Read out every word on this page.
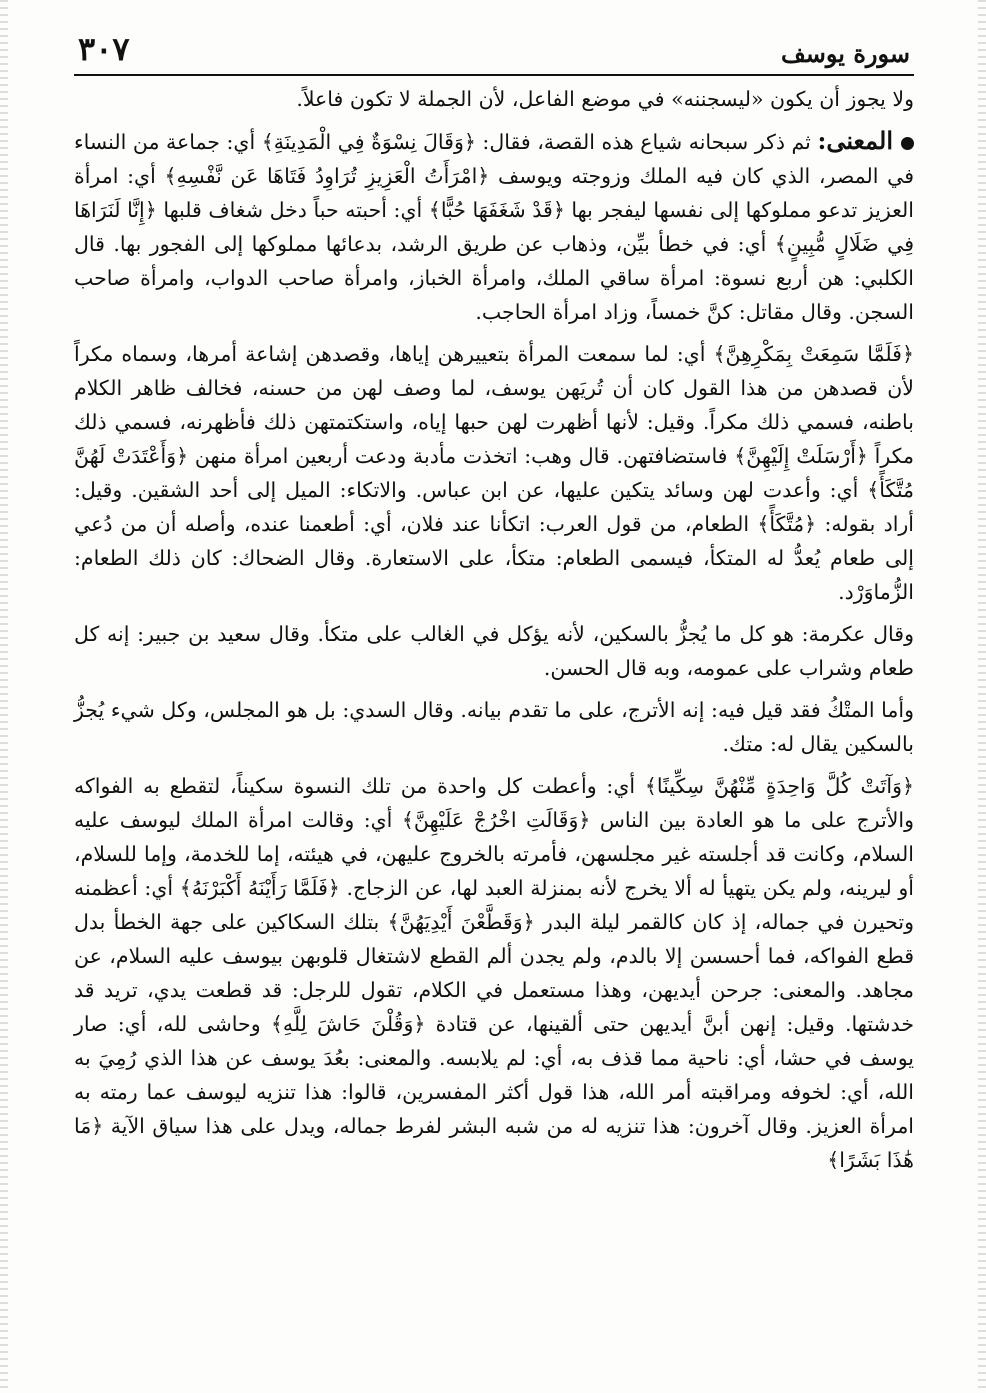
سورة يوسف
٣٠٧

ولا يجوز أن يكون «ليسجننه» في موضع الفاعل، لأن الجملة لا تكون فاعلاً.

المعنى: ثم ذكر سبحانه شياع هذه القصة، فقال: ﴿وَقَالَ نِسْوَةٌ فِي الْمَدِينَةِ﴾ أي: جماعة من النساء في المصر، الذي كان فيه الملك وزوجته ويوسف ﴿امْرَأَتُ الْعَزِيزِ تُرَاوِدُ فَتَاهَا عَن نَّفْسِهِ﴾ أي: امرأة العزيز تدعو مملوكها إلى نفسها ليفجر بها ﴿قَدْ شَغَفَهَا حُبًّا﴾ أي: أحبته حباً دخل شغاف قلبها ﴿إِنَّا لَنَرَاهَا فِي ضَلَالٍ مُّبِينٍ﴾ أي: في خطأ بيِّن، وذهاب عن طريق الرشد، بدعائها مملوكها إلى الفجور بها. قال الكلبي: هن أربع نسوة: امرأة ساقي الملك، وامرأة الخباز، وامرأة صاحب الدواب، وامرأة صاحب السجن. وقال مقاتل: كنَّ خمساً، وزاد امرأة الحاجب.

﴿فَلَمَّا سَمِعَتْ بِمَكْرِهِنَّ﴾ أي: لما سمعت المرأة بتعييرهن إياها، وقصدهن إشاعة أمرها، وسماه مكراً لأن قصدهن من هذا القول كان أن تُريَهن يوسف، لما وصف لهن من حسنه، فخالف ظاهر الكلام باطنه، فسمي ذلك مكراً. وقيل: لأنها أظهرت لهن حبها إياه، واستكتمتهن ذلك فأظهرنه، فسمي ذلك مكراً ﴿أَرْسَلَتْ إِلَيْهِنَّ﴾ فاستضافتهن. قال وهب: اتخذت مأدبة ودعت أربعين امرأة منهن ﴿وَأَعْتَدَتْ لَهُنَّ مُتَّكَأً﴾ أي: وأعدت لهن وسائد يتكين عليها، عن ابن عباس. والاتكاء: الميل إلى أحد الشقين. وقيل: أراد بقوله: ﴿مُتَّكَأً﴾ الطعام، من قول العرب: اتكأنا عند فلان، أي: أطعمنا عنده، وأصله أن من دُعي إلى طعام يُعدُّ له المتكأ، فيسمى الطعام: متكأ، على الاستعارة. وقال الضحاك: كان ذلك الطعام: الزُّماوَرْد.

وقال عكرمة: هو كل ما يُجزُّ بالسكين، لأنه يؤكل في الغالب على متكأ. وقال سعيد بن جبير: إنه كل طعام وشراب على عمومه، وبه قال الحسن.

وأما المتْكُ فقد قيل فيه: إنه الأترج، على ما تقدم بيانه. وقال السدي: بل هو المجلس، وكل شيء يُجزُّ بالسكين يقال له: متك.

﴿وَآتَتْ كُلَّ وَاحِدَةٍ مِّنْهُنَّ سِكِّينًا﴾ أي: وأعطت كل واحدة من تلك النسوة سكيناً، لتقطع به الفواكه والأترج على ما هو العادة بين الناس ﴿وَقَالَتِ اخْرُجْ عَلَيْهِنَّ﴾ أي: وقالت امرأة الملك ليوسف عليه السلام، وكانت قد أجلسته غير مجلسهن، فأمرته بالخروج عليهن، في هيئته، إما للخدمة، وإما للسلام، أو ليرينه، ولم يكن يتهيأ له ألا يخرج لأنه بمنزلة العبد لها، عن الزجاج. ﴿فَلَمَّا رَأَيْنَهُ أَكْبَرْنَهُ﴾ أي: أعظمنه وتحيرن في جماله، إذ كان كالقمر ليلة البدر ﴿وَقَطَّعْنَ أَيْدِيَهُنَّ﴾ بتلك السكاكين على جهة الخطأ بدل قطع الفواكه، فما أحسسن إلا بالدم، ولم يجدن ألم القطع لاشتغال قلوبهن بيوسف عليه السلام، عن مجاهد. والمعنى: جرحن أيديهن، وهذا مستعمل في الكلام، تقول للرجل: قد قطعت يدي، تريد قد خدشتها. وقيل: إنهن أبنَّ أيديهن حتى ألقينها، عن قتادة ﴿وَقُلْنَ حَاشَ لِلَّهِ﴾ وحاشى لله، أي: صار يوسف في حشا، أي: ناحية مما قذف به، أي: لم يلابسه. والمعنى: بعُدَ يوسف عن هذا الذي رُمِيَ به الله، أي: لخوفه ومراقبته أمر الله، هذا قول أكثر المفسرين، قالوا: هذا تنزيه ليوسف عما رمته به امرأة العزيز. وقال آخرون: هذا تنزيه له من شبه البشر لفرط جماله، ويدل على هذا سياق الآية ﴿مَا هَٰذَا بَشَرًا﴾
